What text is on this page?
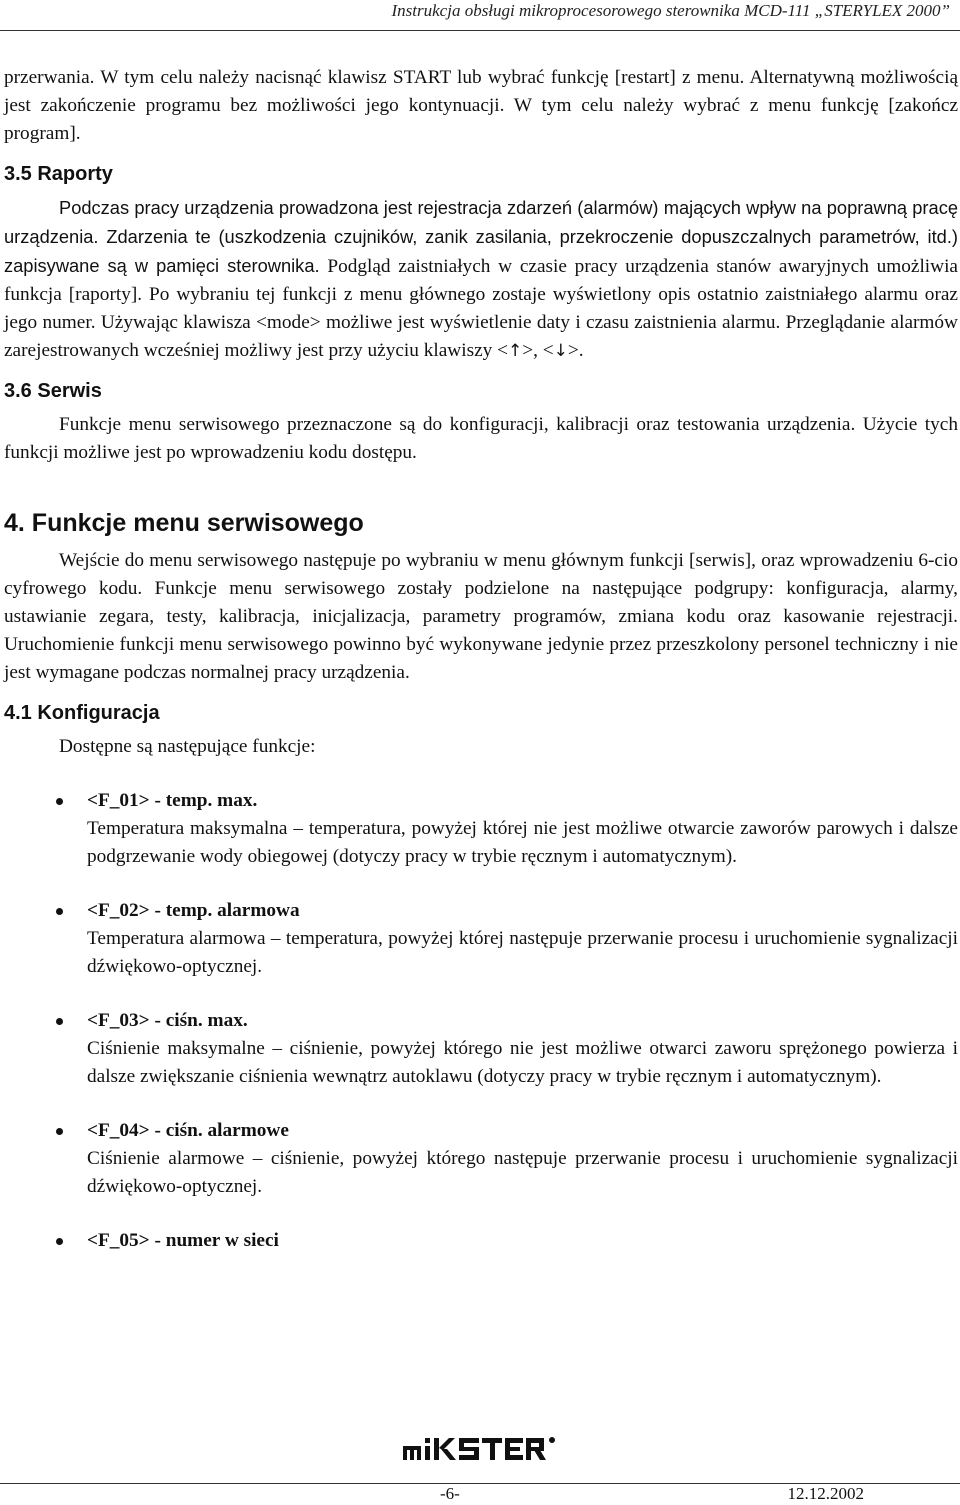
Instrukcja obsługi mikroprocesorowego sterownika MCD-111 „STERYLEX 2000”

przerwania. W tym celu należy nacisnąć klawisz START lub wybrać funkcję [restart] z menu. Alternatywną możliwością jest zakończenie programu bez możliwości jego kontynuacji. W tym celu należy wybrać z menu funkcję [zakończ program].

3.5 Raporty

Podczas pracy urządzenia prowadzona jest rejestracja zdarzeń (alarmów) mających wpływ na poprawną pracę urządzenia. Zdarzenia te (uszkodzenia czujników, zanik zasilania, przekroczenie dopuszczalnych parametrów, itd.) zapisywane są w pamięci sterownika. Podgląd zaistniałych w czasie pracy urządzenia stanów awaryjnych umożliwia funkcja [raporty]. Po wybraniu tej funkcji z menu głównego zostaje wyświetlony opis ostatnio zaistniałego alarmu oraz jego numer. Używając klawisza <mode> możliwe jest wyświetlenie daty i czasu zaistnienia alarmu. Przeglądanie alarmów zarejestrowanych wcześniej możliwy jest przy użyciu klawiszy <↑>, <↓>.

3.6 Serwis

Funkcje menu serwisowego przeznaczone są do konfiguracji, kalibracji oraz testowania urządzenia. Użycie tych funkcji możliwe jest po wprowadzeniu kodu dostępu.

4. Funkcje menu serwisowego

Wejście do menu serwisowego następuje po wybraniu w menu głównym funkcji [serwis], oraz wprowadzeniu 6-cio cyfrowego kodu. Funkcje menu serwisowego zostały podzielone na następujące podgrupy: konfiguracja, alarmy, ustawianie zegara, testy, kalibracja, inicjalizacja, parametry programów, zmiana kodu oraz kasowanie rejestracji. Uruchomienie funkcji menu serwisowego powinno być wykonywane jedynie przez przeszkolony personel techniczny i nie jest wymagane podczas normalnej pracy urządzenia.

4.1 Konfiguracja

Dostępne są następujące funkcje:

<F_01> - temp. max.

Temperatura maksymalna – temperatura, powyżej której nie jest możliwe otwarcie zaworów parowych i dalsze podgrzewanie wody obiegowej (dotyczy pracy w trybie ręcznym i automatycznym).

<F_02> - temp. alarmowa

Temperatura alarmowa – temperatura, powyżej której następuje przerwanie procesu i uruchomienie sygnalizacji dźwiękowo-optycznej.

<F_03> - ciśn. max.

Ciśnienie maksymalne – ciśnienie, powyżej którego nie jest możliwe otwarci zaworu sprężonego powierza i dalsze zwiększanie ciśnienia wewnątrz autoklawu (dotyczy pracy w trybie ręcznym i automatycznym).

<F_04> - ciśn. alarmowe

Ciśnienie alarmowe – ciśnienie, powyżej którego następuje przerwanie procesu i uruchomienie sygnalizacji dźwiękowo-optycznej.

<F_05> - numer w sieci
-6-	12.12.2002
